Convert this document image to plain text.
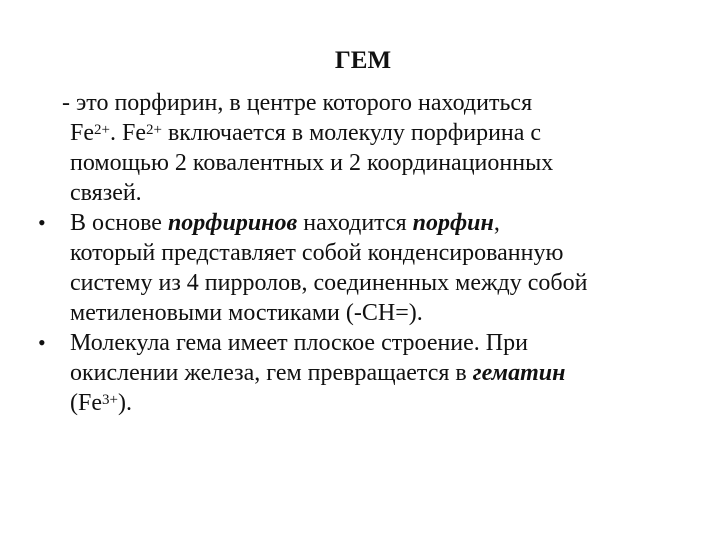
ГЕМ
- это порфирин, в центре которого находиться
$Fe^{2+}$. $Fe^{2+}$ включается в молекулу порфирина с
помощью 2 ковалентных и 2 координационных
связей.
• В основе порфиринов находится порфин,
который представляет собой конденсированную
систему из 4 пирролов, соединенных между собой
метиленовыми мостиками (-CH=).
• Молекула гема имеет плоское строение. При
окислении железа, гем превращается в гематин
$(Fe^{3+})$.
